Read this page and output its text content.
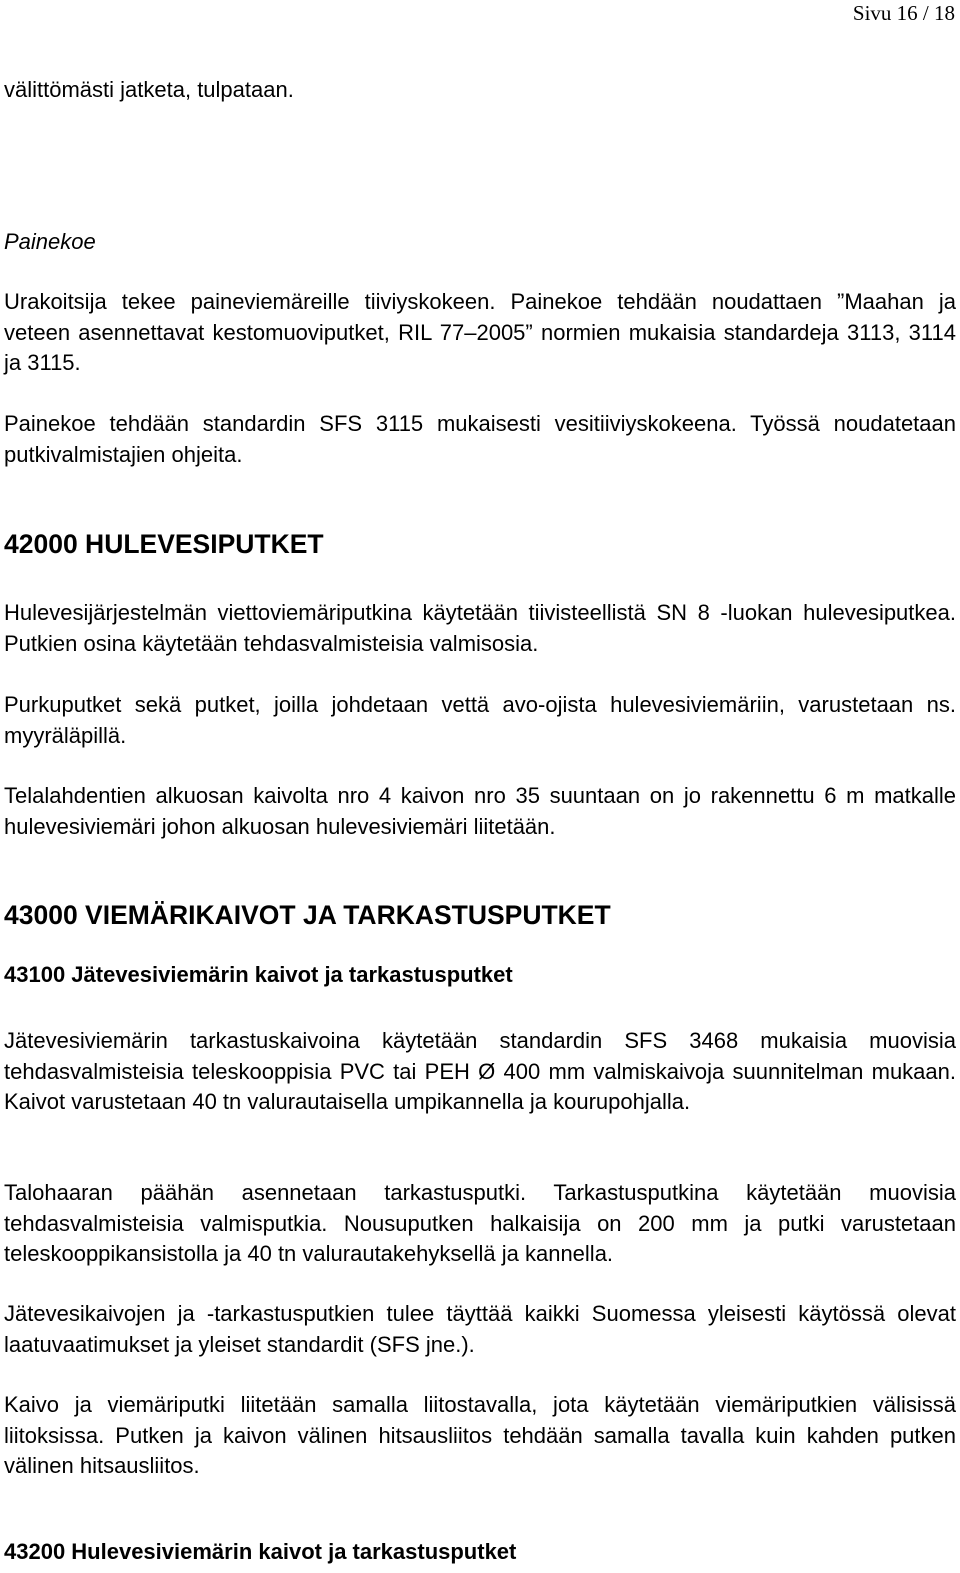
Sivu 16 / 18

välittömästi jatketa, tulpataan.

Painekoe

Urakoitsija tekee paineviemäreille tiiviyskokeen. Painekoe tehdään noudattaen ”Maahan ja veteen asennettavat kestomuoviputket, RIL 77–2005” normien mukaisia standardeja 3113, 3114 ja 3115.

Painekoe tehdään standardin SFS 3115 mukaisesti vesitiiviyskokeena. Työssä noudatetaan putkivalmistajien ohjeita.

42000 HULEVESIPUTKET

Hulevesijärjestelmän viettoviemäriputkina käytetään tiivisteellistä SN 8 -luokan hulevesiputkea. Putkien osina käytetään tehdasvalmisteisia valmisosia.

Purkuputket sekä putket, joilla johdetaan vettä avo-ojista hulevesiviemäriin, varustetaan ns. myyräläpillä.

Telalahdentien alkuosan kaivolta nro 4 kaivon nro 35 suuntaan on jo rakennettu 6 m matkalle hulevesiviemäri johon alkuosan hulevesiviemäri liitetään.

43000 VIEMÄRIKAIVOT JA TARKASTUSPUTKET
43100 Jätevesiviemärin kaivot ja tarkastusputket

Jätevesiviemärin tarkastuskaivoina käytetään standardin SFS 3468 mukaisia muovisia tehdasvalmisteisia teleskooppisia PVC tai PEH Ø 400 mm valmiskaivoja suunnitelman mukaan. Kaivot varustetaan 40 tn valurautaisella umpikannella ja kourupohjalla.

Talohaaran päähän asennetaan tarkastusputki. Tarkastusputkina käytetään muovisia tehdasvalmisteisia valmisputkia. Nousuputken halkaisija on 200 mm ja putki varustetaan teleskooppikansistolla ja 40 tn valurautakehyksellä ja kannella.

Jätevesikaivojen ja -tarkastusputkien tulee täyttää kaikki Suomessa yleisesti käytössä olevat laatuvaatimukset ja yleiset standardit (SFS jne.).

Kaivo ja viemäriputki liitetään samalla liitostavalla, jota käytetään viemäriputkien välisissä liitoksissa. Putken ja kaivon välinen hitsausliitos tehdään samalla tavalla kuin kahden putken välinen hitsausliitos.

43200 Hulevesiviemärin kaivot ja tarkastusputket
